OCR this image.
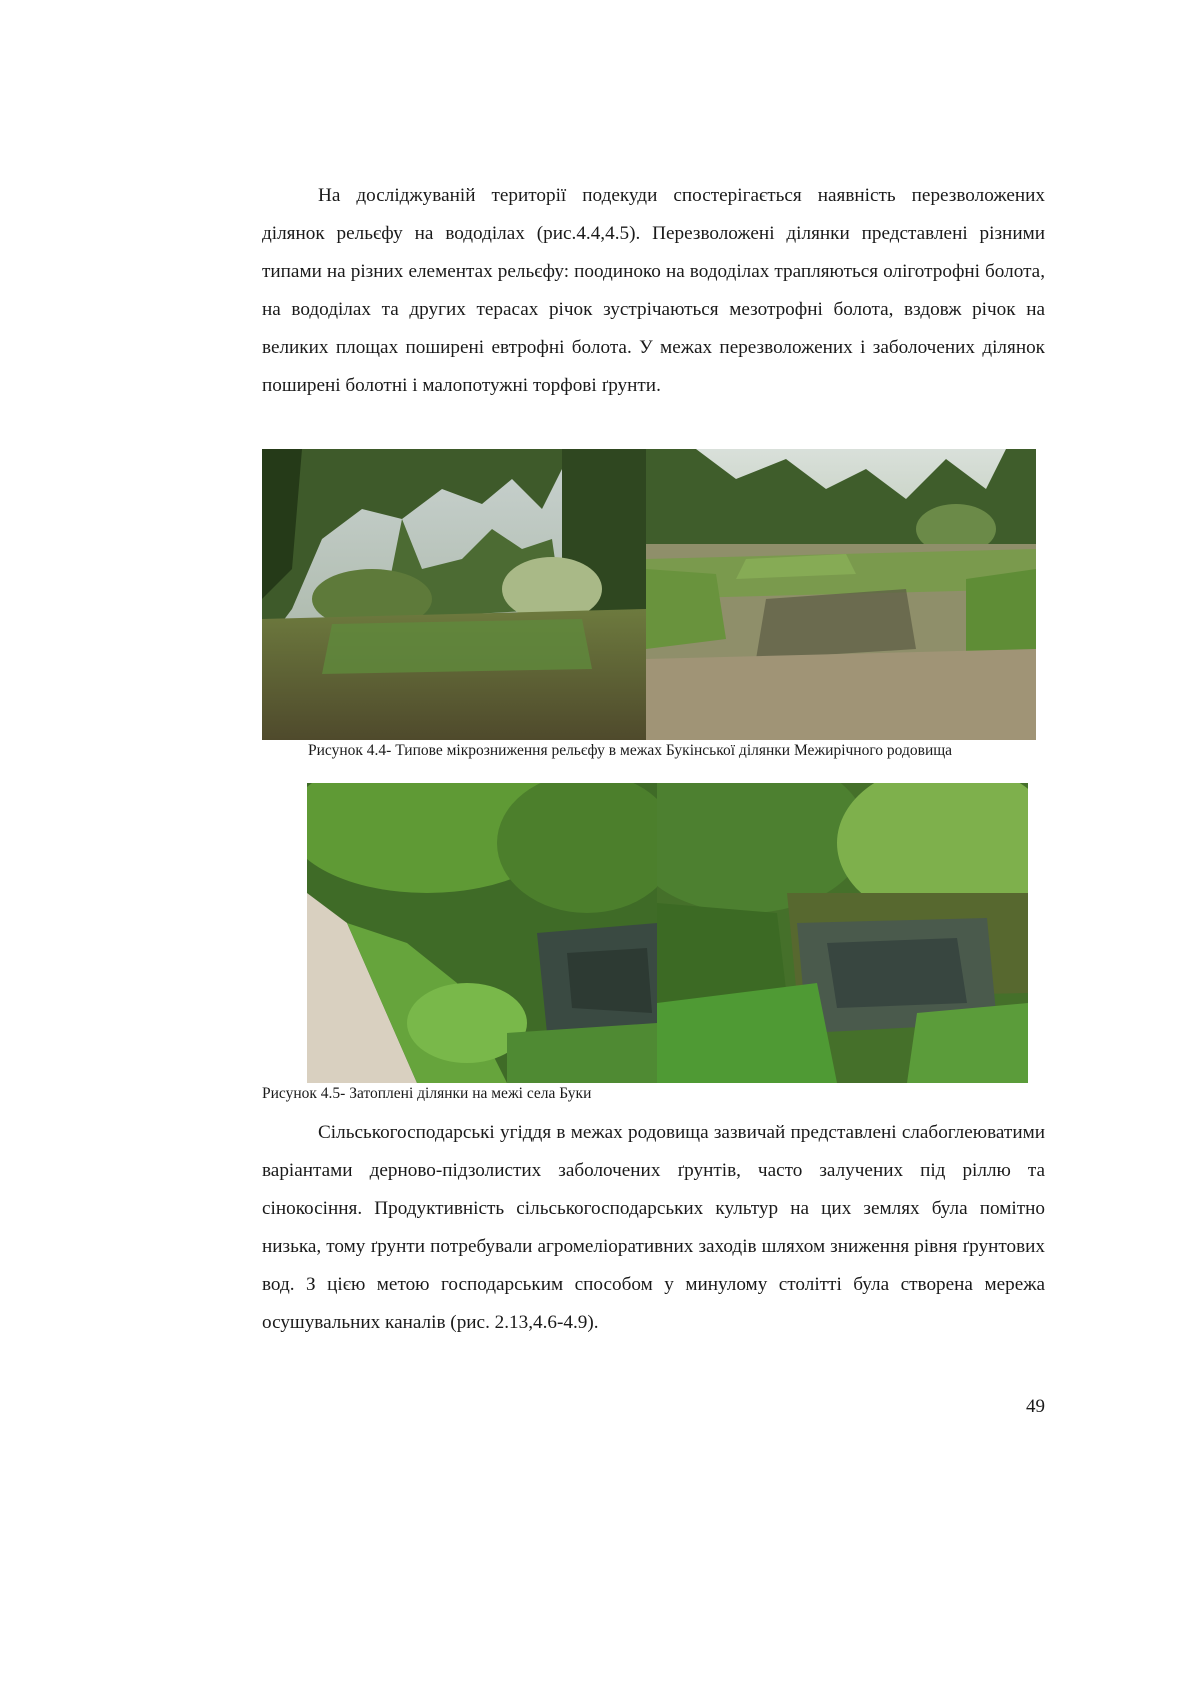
На досліджуваній території подекуди спостерігається наявність перезволожених ділянок рельєфу на вододілах (рис.4.4,4.5). Перезволожені ділянки представлені різними типами на різних елементах рельєфу: поодиноко на вододілах трапляються оліготрофні болота, на вододілах та других терасах річок зустрічаються мезотрофні болота, вздовж річок на великих площах поширені евтрофні болота. У межах перезволожених і заболочених ділянок поширені болотні і малопотужні торфові ґрунти.

Рисунок 4.4- Типове мікрозниження рельєфу в межах Букінської ділянки Межирічного родовища

Рисунок 4.5- Затоплені ділянки на межі села Буки

Сільськогосподарські угіддя в межах родовища зазвичай представлені слабоглеюватими варіантами дерново-підзолистих заболочених ґрунтів, часто залучених під ріллю та сінокосіння. Продуктивність сільськогосподарських культур на цих землях була помітно низька, тому ґрунти потребували агромеліоративних заходів шляхом зниження рівня ґрунтових вод. З цією метою господарським способом у минулому столітті була створена мережа осушувальних каналів (рис. 2.13,4.6-4.9).

49
